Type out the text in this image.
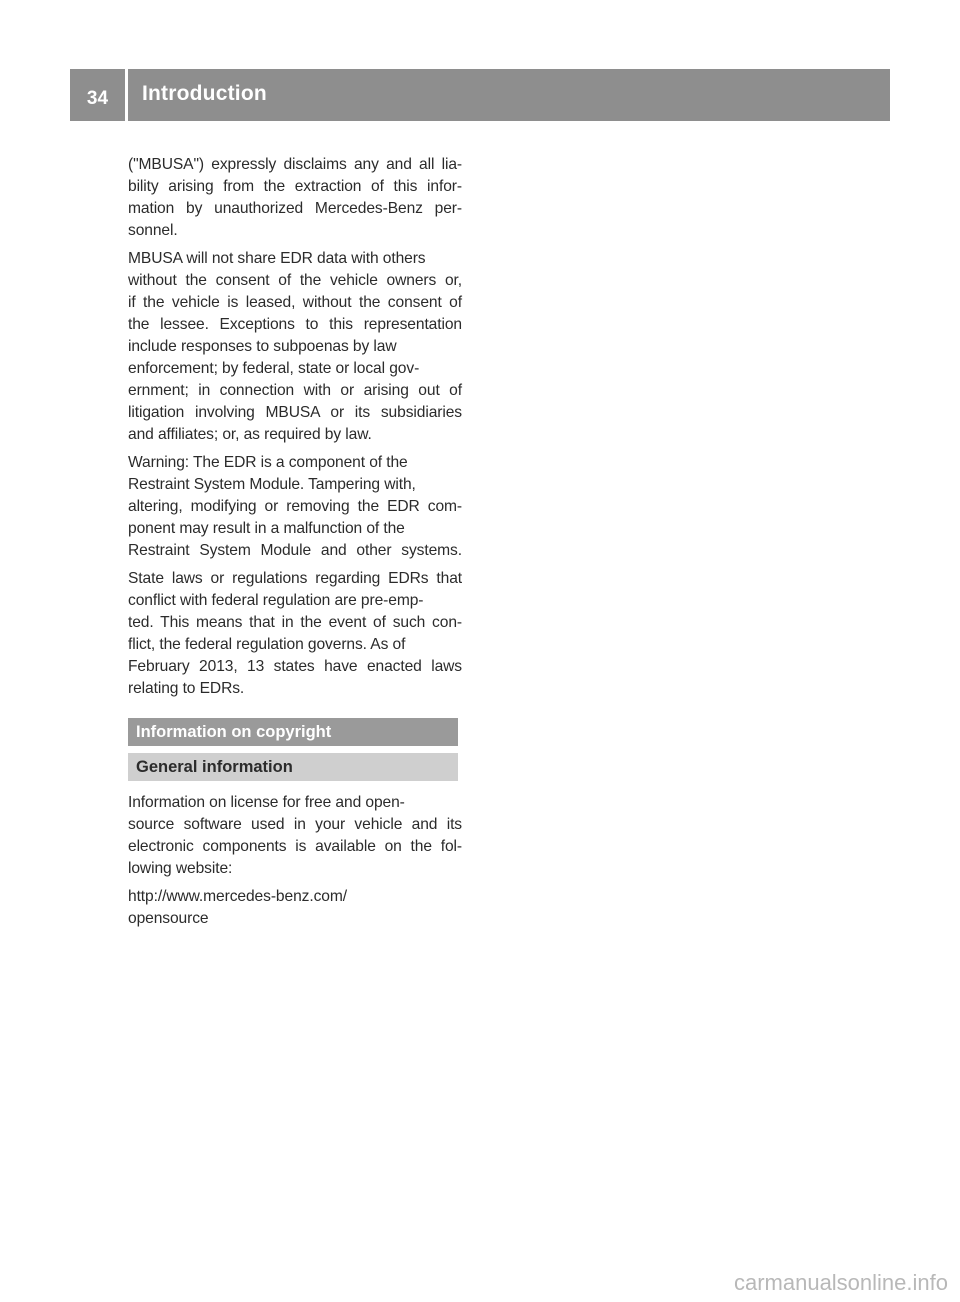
34	Introduction

("MBUSA") expressly disclaims any and all lia-
bility arising from the extraction of this infor-
mation by unauthorized Mercedes-Benz per-
sonnel.

MBUSA will not share EDR data with others
without the consent of the vehicle owners or,
if the vehicle is leased, without the consent of
the lessee. Exceptions to this representation
include responses to subpoenas by law
enforcement; by federal, state or local gov-
ernment; in connection with or arising out of
litigation involving MBUSA or its subsidiaries
and affiliates; or, as required by law.

Warning: The EDR is a component of the
Restraint System Module. Tampering with,
altering, modifying or removing the EDR com-
ponent may result in a malfunction of the
Restraint System Module and other systems.

State laws or regulations regarding EDRs that
conflict with federal regulation are pre-emp-
ted. This means that in the event of such con-
flict, the federal regulation governs. As of
February 2013, 13 states have enacted laws
relating to EDRs.

Information on copyright
General information

Information on license for free and open-
source software used in your vehicle and its
electronic components is available on the fol-
lowing website:

http://www.mercedes-benz.com/
opensource

carmanualsonline.info
